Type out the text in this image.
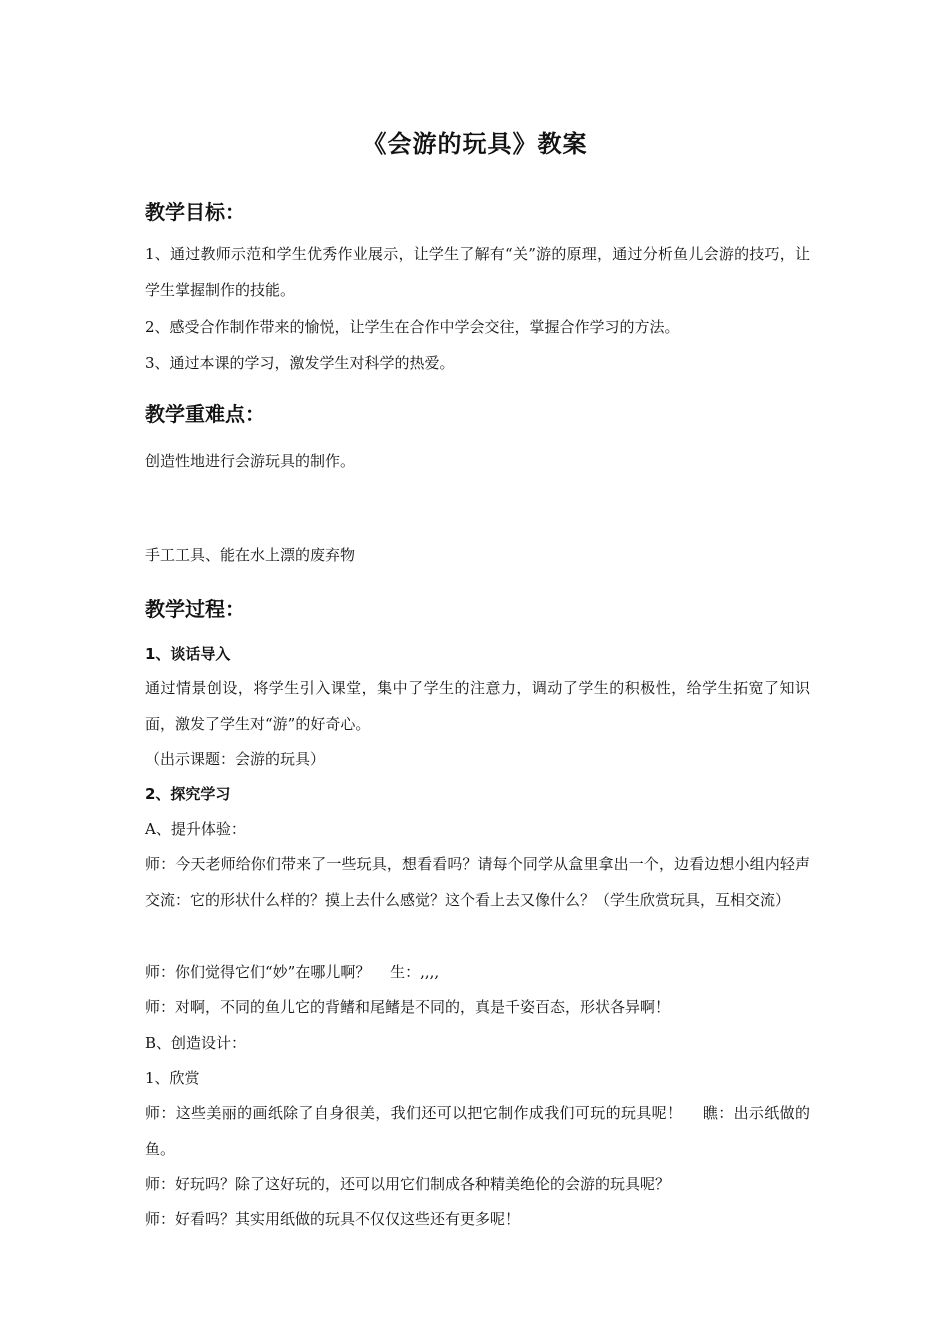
《会游的玩具》教案
教学目标：
1、通过教师示范和学生优秀作业展示，让学生了解有“关”游的原理，通过分析鱼儿会游的技巧，让学生掌握制作的技能。
2、感受合作制作带来的愉悦，让学生在合作中学会交往，掌握合作学习的方法。
3、通过本课的学习，激发学生对科学的热爱。
教学重难点：
创造性地进行会游玩具的制作。
手工工具、能在水上漂的废弃物
教学过程：
1、谈话导入
通过情景创设，将学生引入课堂，集中了学生的注意力，调动了学生的积极性，给学生拓宽了知识面，激发了学生对“游”的好奇心。
（出示课题：会游的玩具）
2、探究学习
A、提升体验：
师：今天老师给你们带来了一些玩具，想看看吗？请每个同学从盒里拿出一个，边看边想小组内轻声交流：它的形状什么样的？摸上去什么感觉？这个看上去又像什么？（学生欣赏玩具，互相交流）
师：你们觉得它们“妙”在哪儿啊？　 生：,,,,
师：对啊，不同的鱼儿它的背鳍和尾鳍是不同的，真是千姿百态，形状各异啊！
B、创造设计：
1、欣赏
师：这些美丽的画纸除了自身很美，我们还可以把它制作成我们可玩的玩具呢！　 瞧：出示纸做的鱼。
师：好玩吗？除了这好玩的，还可以用它们制成各种精美绝伦的会游的玩具呢？
师：好看吗？其实用纸做的玩具不仅仅这些还有更多呢！
